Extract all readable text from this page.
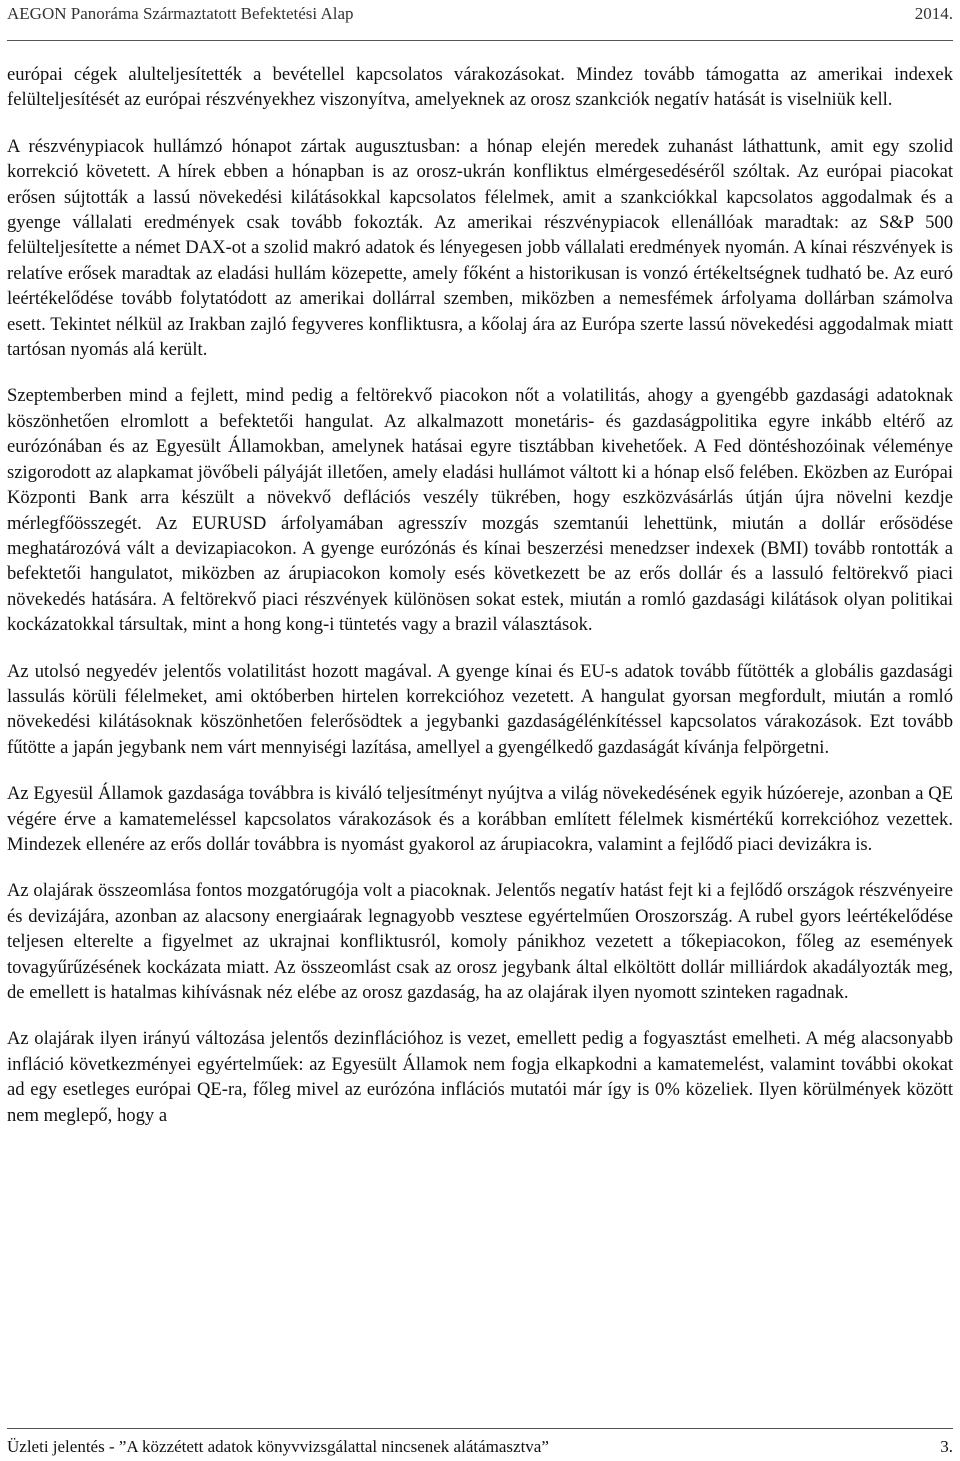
AEGON Panoráma Származtatott Befektetési Alap	2014.

európai cégek alulteljesítették a bevétellel kapcsolatos várakozásokat. Mindez tovább támogatta az amerikai indexek felülteljesítését az európai részvényekhez viszonyítva, amelyeknek az orosz szankciók negatív hatását is viselniük kell.

A részvénypiacok hullámzó hónapot zártak augusztusban: a hónap elején meredek zuhanást láthattunk, amit egy szolid korrekció követett. A hírek ebben a hónapban is az orosz-ukrán konfliktus elmérgesedéséről szóltak. Az európai piacokat erősen sújtották a lassú növekedési kilátásokkal kapcsolatos félelmek, amit a szankciókkal kapcsolatos aggodalmak és a gyenge vállalati eredmények csak tovább fokozták. Az amerikai részvénypiacok ellenállóak maradtak: az S&P 500 felülteljesítette a német DAX-ot a szolid makró adatok és lényegesen jobb vállalati eredmények nyomán. A kínai részvények is relatíve erősek maradtak az eladási hullám közepette, amely főként a historikusan is vonzó értékeltségnek tudható be. Az euró leértékelődése tovább folytatódott az amerikai dollárral szemben, miközben a nemesfémek árfolyama dollárban számolva esett. Tekintet nélkül az Irakban zajló fegyveres konfliktusra, a kőolaj ára az Európa szerte lassú növekedési aggodalmak miatt tartósan nyomás alá került.

Szeptemberben mind a fejlett, mind pedig a feltörekvő piacokon nőt a volatilitás, ahogy a gyengébb gazdasági adatoknak köszönhetően elromlott a befektetői hangulat. Az alkalmazott monetáris- és gazdaságpolitika egyre inkább eltérő az eurózónában és az Egyesült Államokban, amelynek hatásai egyre tisztábban kivehetőek. A Fed döntéshozóinak véleménye szigorodott az alapkamat jövőbeli pályáját illetően, amely eladási hullámot váltott ki a hónap első felében. Eközben az Európai Központi Bank arra készült a növekvő deflációs veszély tükrében, hogy eszközvásárlás útján újra növelni kezdje mérlegfőösszegét. Az EURUSD árfolyamában agresszív mozgás szemtanúi lehettünk, miután a dollár erősödése meghatározóvá vált a devizapiacokon. A gyenge eurózónás és kínai beszerzési menedzser indexek (BMI) tovább rontották a befektetői hangulatot, miközben az árupiacokon komoly esés következett be az erős dollár és a lassuló feltörekvő piaci növekedés hatására. A feltörekvő piaci részvények különösen sokat estek, miután a romló gazdasági kilátások olyan politikai kockázatokkal társultak, mint a hong kong-i tüntetés vagy a brazil választások.

Az utolsó negyedév jelentős volatilitást hozott magával. A gyenge kínai és EU-s adatok tovább fűtötték a globális gazdasági lassulás körüli félelmeket, ami októberben hirtelen korrekcióhoz vezetett. A hangulat gyorsan megfordult, miután a romló növekedési kilátásoknak köszönhetően felerősödtek a jegybanki gazdaságélénkítéssel kapcsolatos várakozások. Ezt tovább fűtötte a japán jegybank nem várt mennyiségi lazítása, amellyel a gyengélkedő gazdaságát kívánja felpörgetni.

Az Egyesül Államok gazdasága továbbra is kiváló teljesítményt nyújtva a világ növekedésének egyik húzóereje, azonban a QE végére érve a kamatemeléssel kapcsolatos várakozások és a korábban említett félelmek kismértékű korrekcióhoz vezettek. Mindezek ellenére az erős dollár továbbra is nyomást gyakorol az árupiacokra, valamint a fejlődő piaci devizákra is.

Az olajárak összeomlása fontos mozgatórugója volt a piacoknak. Jelentős negatív hatást fejt ki a fejlődő országok részvényeire és devizájára, azonban az alacsony energiaárak legnagyobb vesztese egyértelműen Oroszország. A rubel gyors leértékelődése teljesen elterelte a figyelmet az ukrajnai konfliktusról, komoly pánikhoz vezetett a tőkepiacokon, főleg az események tovagyűrűzésének kockázata miatt. Az összeomlást csak az orosz jegybank által elköltött dollár milliárdok akadályozták meg, de emellett is hatalmas kihívásnak néz elébe az orosz gazdaság, ha az olajárak ilyen nyomott szinteken ragadnak.

Az olajárak ilyen irányú változása jelentős dezinflációhoz is vezet, emellett pedig a fogyasztást emelheti. A még alacsonyabb infláció következményei egyértelműek: az Egyesült Államok nem fogja elkapkodni a kamatemelést, valamint további okokat ad egy esetleges európai QE-ra, főleg mivel az eurózóna inflációs mutatói már így is 0% közeliek. Ilyen körülmények között nem meglepő, hogy a

Üzleti jelentés - ”A közzétett adatok könyvvizsgálattal nincsenek alátámasztva”	3.
